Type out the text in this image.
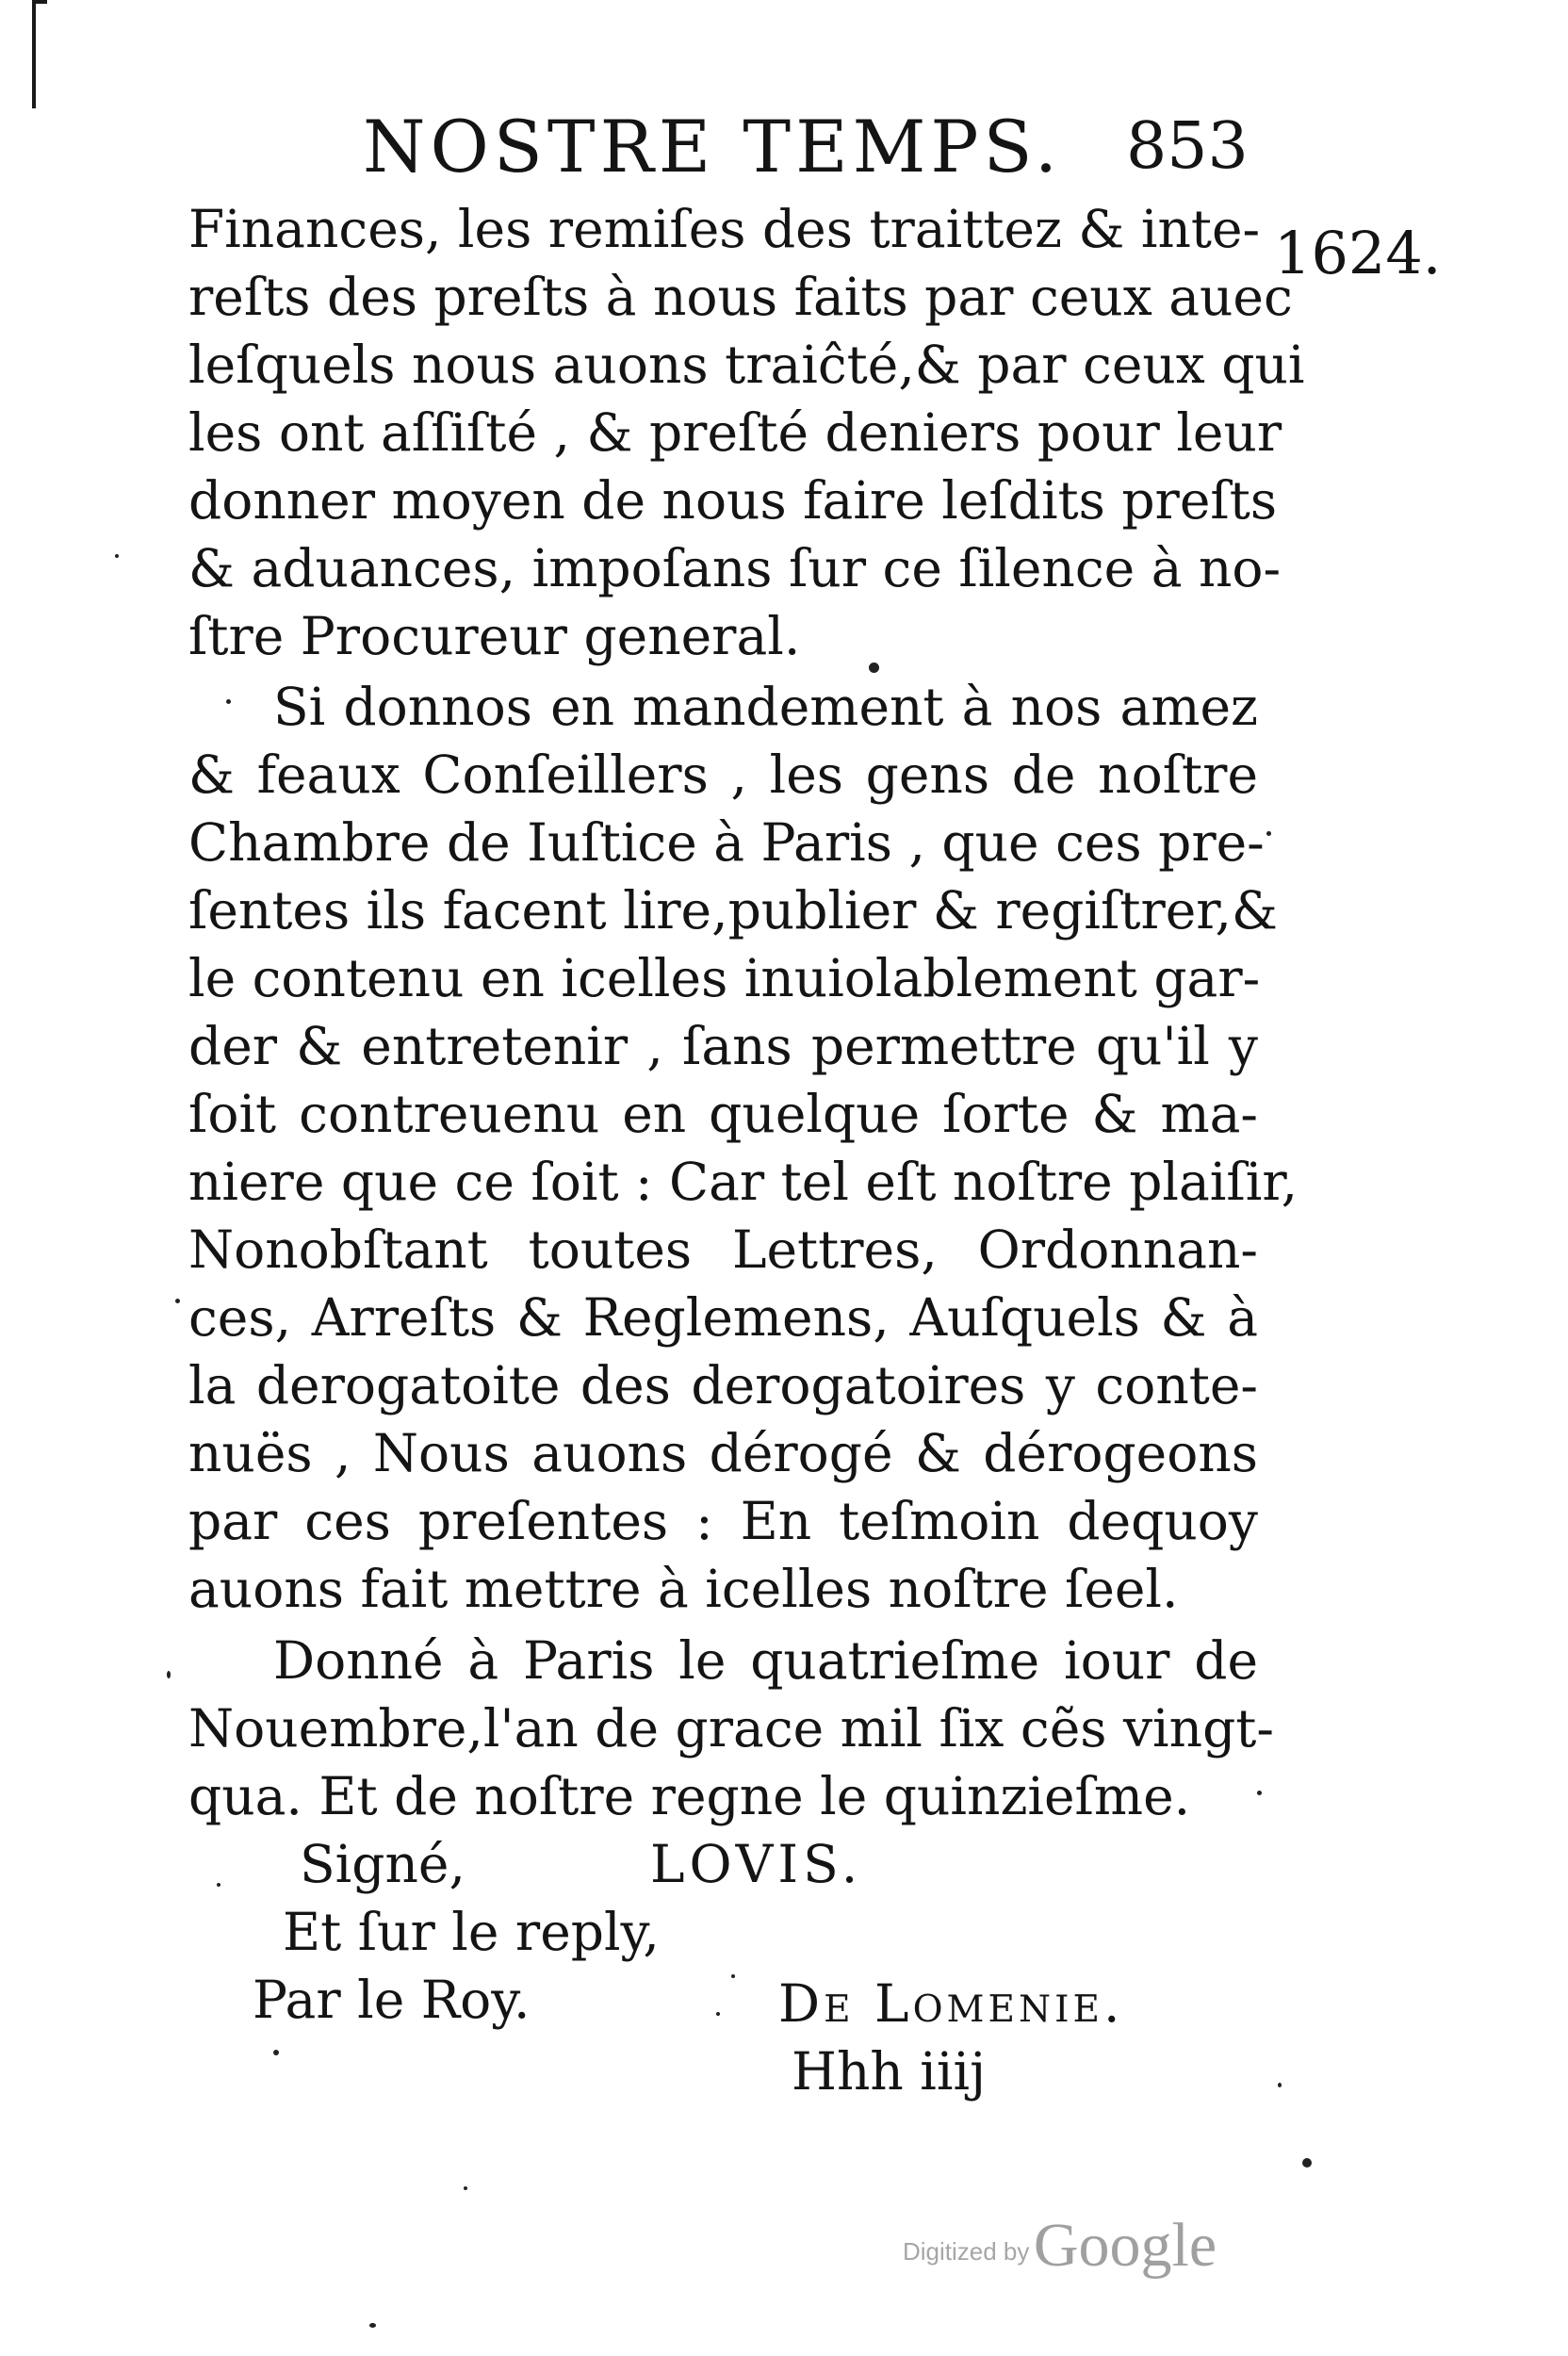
NOSTRE TEMPS. 853
1624.
Finances, les remiſes des traittez & inte-
reſts des preſts à nous faits par ceux auec
leſquels nous auons traiĉté,& par ceux qui
les ont aſſiſté , & preſté deniers pour leur
donner moyen de nous faire leſdits preſts
& aduances, impoſans ſur ce ſilence à no-
ſtre Procureur general.
Si donnos en mandement à nos amez
& feaux Conſeillers , les gens de noſtre
Chambre de Iuſtice à Paris , que ces pre-
ſentes ils facent lire,publier & regiſtrer,&
le contenu en icelles inuiolablement gar-
der & entretenir , ſans permettre qu'il y
ſoit contreuenu en quelque ſorte & ma-
niere que ce ſoit : Car tel eſt noſtre plaiſir,
Nonobſtant toutes Lettres, Ordonnan-
ces, Arreſts & Reglemens, Auſquels & à
la derogatoite des derogatoires y conte-
nuës , Nous auons dérogé & dérogeons
par ces preſentes : En teſmoin dequoy
auons fait mettre à icelles noſtre ſeel.
Donné à Paris le quatrieſme iour de
Nouembre,l'an de grace mil ſix cẽs vingt-
qua. Et de noſtre regne le quinzieſme.
Signé,	LOVIS.
Et ſur le reply,
Par le Roy.	De Lomenie.
Hhh iiij
Digitized by Google
